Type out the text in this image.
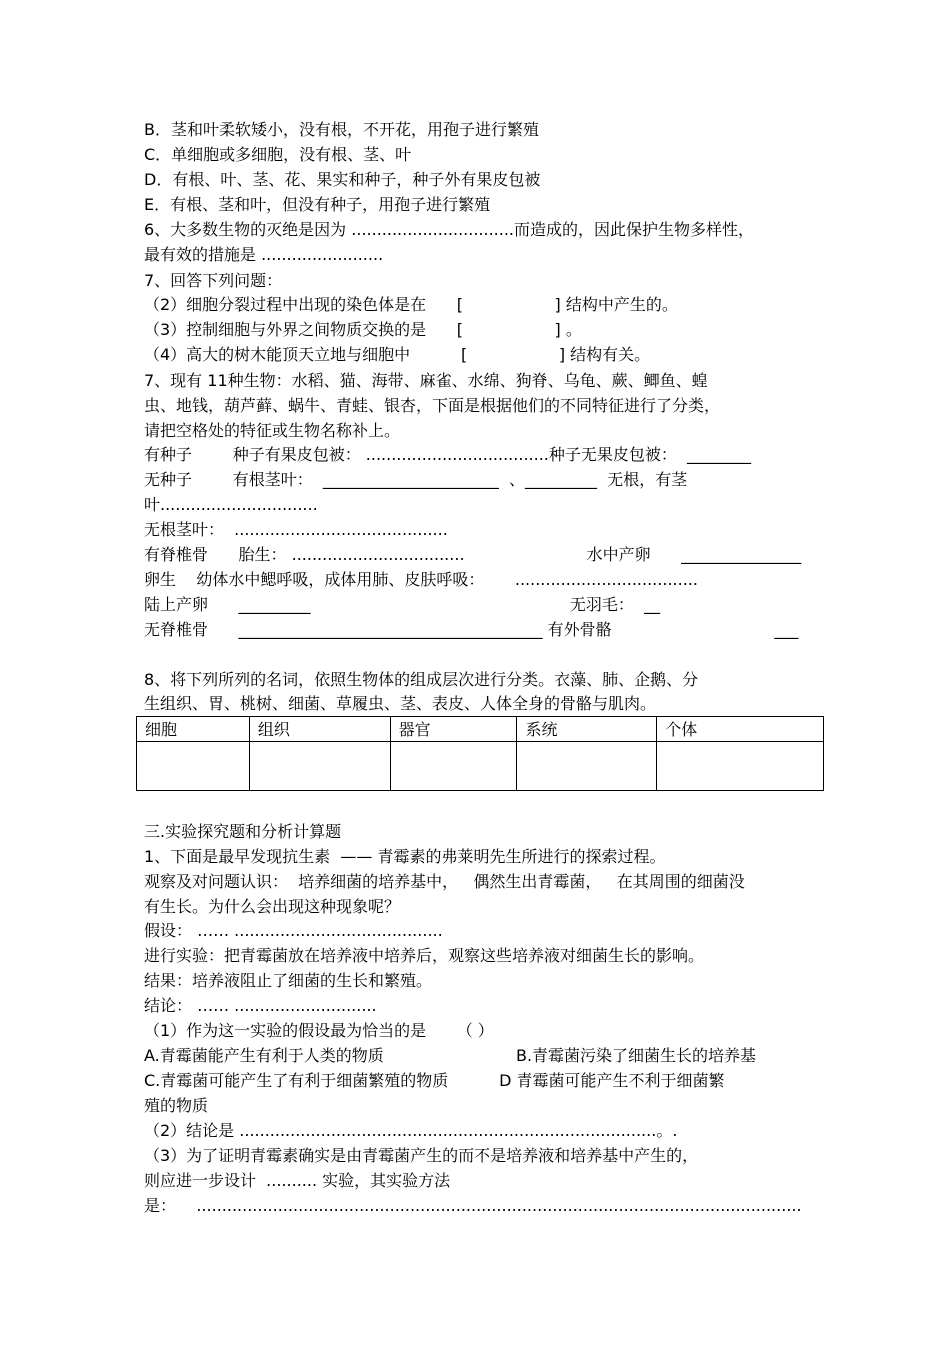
B．茎和叶柔软矮小，没有根，不开花，用孢子进行繁殖
C．单细胞或多细胞，没有根、茎、叶
D．有根、叶、茎、花、果实和种子，种子外有果皮包被
E．有根、茎和叶，但没有种子，用孢子进行繁殖
6、大多数生物的灭绝是因为 ................................而造成的，因此保护生物多样性，
最有效的措施是 ........................
7、回答下列问题：
（2）细胞分裂过程中出现的染色体是在      [                  ] 结构中产生的。
（3）控制细胞与外界之间物质交换的是      [                  ] 。
（4）高大的树木能顶天立地与细胞中          [                  ] 结构有关。
7、现有 11种生物：水稻、猫、海带、麻雀、水绵、狗脊、乌龟、蕨、鲫鱼、蝗
虫、地钱，葫芦藓、蜗牛、青蛙、银杏，下面是根据他们的不同特征进行了分类，
请把空格处的特征或生物名称补上。
有种子        种子有果皮包被： ....................................种子无果皮包被：  ________
无种子        有根茎叶：  ______________________  、_________  无根，有茎
叶...............................
无根茎叶：  ..........................................
有脊椎骨      胎生： ..................................                        水中产卵      _______________
卵生    幼体水中鳃呼吸，成体用肺、皮肤呼吸：      ....................................
陆上产卵      _________                                                   无羽毛：  __
无脊椎骨      ______________________________________ 有外骨骼                                ___
8、将下列所列的名词，依照生物体的组成层次进行分类。衣藻、肺、企鹅、分
生组织、胃、桃树、细菌、草履虫、茎、表皮、人体全身的骨骼与肌肉。
细胞	组织	器官	系统	个体

三.实验探究题和分析计算题
1、下面是最早发现抗生素  —— 青霉素的弗莱明先生所进行的探索过程。
观察及对问题认识：  培养细菌的培养基中，   偶然生出青霉菌，   在其周围的细菌没
有生长。为什么会出现这种现象呢？
假设： …… .........................................
进行实验：把青霉菌放在培养液中培养后，观察这些培养液对细菌生长的影响。
结果：培养液阻止了细菌的生长和繁殖。
结论： …… ............................
（1）作为这一实验的假设最为恰当的是      （ ）
A.青霉菌能产生有利于人类的物质                          B.青霉菌污染了细菌生长的培养基
C.青霉菌可能产生了有利于细菌繁殖的物质          D 青霉菌可能产生不利于细菌繁
殖的物质
（2）结论是 ..................................................................................。.
（3）为了证明青霉素确实是由青霉菌产生的而不是培养液和培养基中产生的，
则应进一步设计  .......... 实验，其实验方法
是：    .......................................................................................................................
